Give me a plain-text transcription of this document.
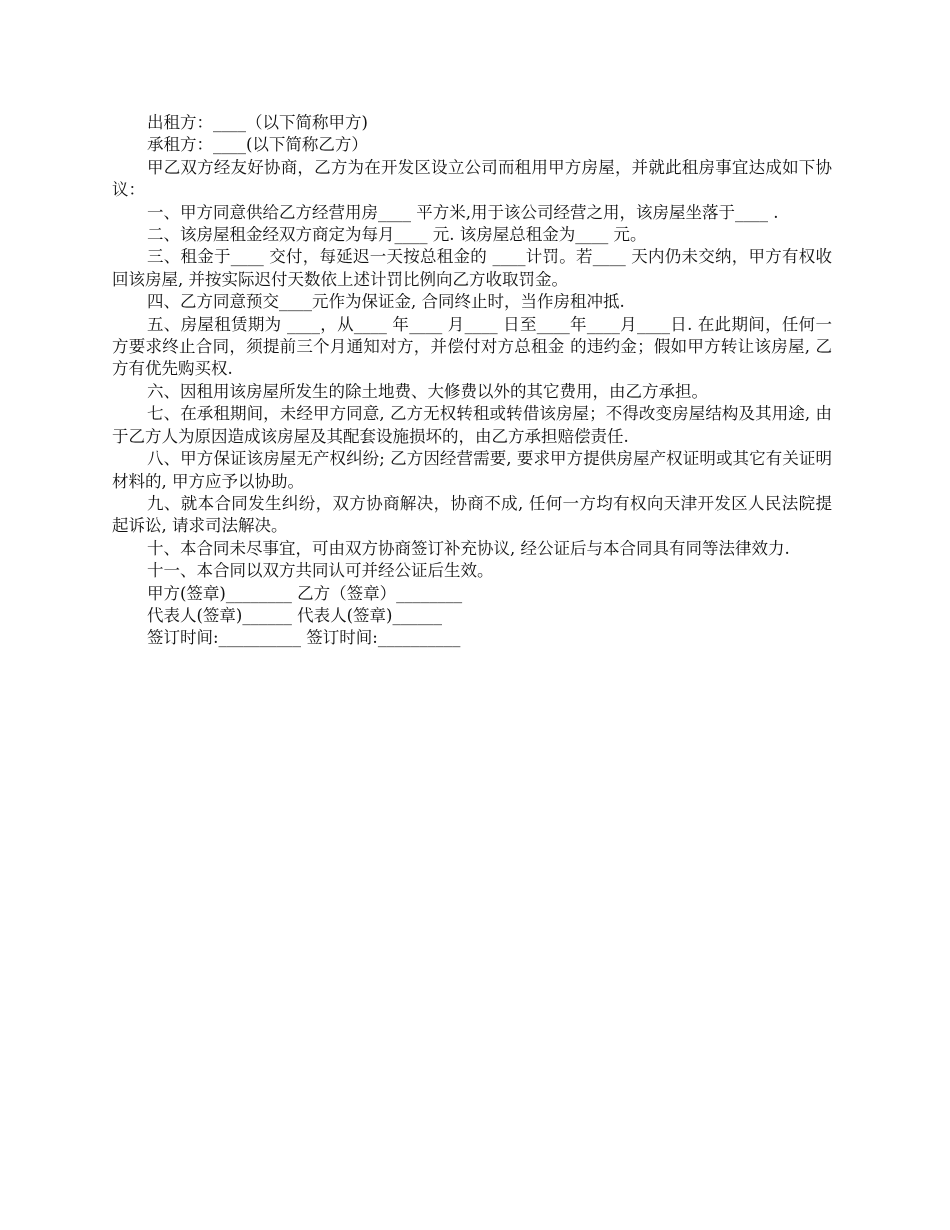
出租方：____（以下简称甲方)

承租方：____(以下简称乙方）

甲乙双方经友好协商，乙方为在开发区设立公司而租用甲方房屋，并就此租房事宜达成如下协议：

一、甲方同意供给乙方经营用房____ 平方米,用于该公司经营之用，该房屋坐落于____ .

二、该房屋租金经双方商定为每月____ 元. 该房屋总租金为____ 元。

三、租金于____ 交付，每延迟一天按总租金的 ____计罚。若____ 天内仍未交纳，甲方有权收回该房屋, 并按实际迟付天数依上述计罚比例向乙方收取罚金。

四、乙方同意预交____元作为保证金, 合同终止时，当作房租冲抵.

五、房屋租赁期为 ____，从____ 年____ 月____ 日至____年____月____日. 在此期间，任何一方要求终止合同，须提前三个月通知对方，并偿付对方总租金 的违约金；假如甲方转让该房屋, 乙方有优先购买权.

六、因租用该房屋所发生的除土地费、大修费以外的其它费用，由乙方承担。

七、在承租期间，未经甲方同意, 乙方无权转租或转借该房屋；不得改变房屋结构及其用途, 由于乙方人为原因造成该房屋及其配套设施损坏的，由乙方承担赔偿责任.

八、甲方保证该房屋无产权纠纷; 乙方因经营需要, 要求甲方提供房屋产权证明或其它有关证明材料的, 甲方应予以协助。

九、就本合同发生纠纷，双方协商解决，协商不成, 任何一方均有权向天津开发区人民法院提起诉讼, 请求司法解决。

十、本合同未尽事宜，可由双方协商签订补充协议, 经公证后与本合同具有同等法律效力.

十一、本合同以双方共同认可并经公证后生效。

甲方(签章)________ 乙方（签章）________

代表人(签章)______ 代表人(签章)______

签订时间:__________ 签订时间:__________
